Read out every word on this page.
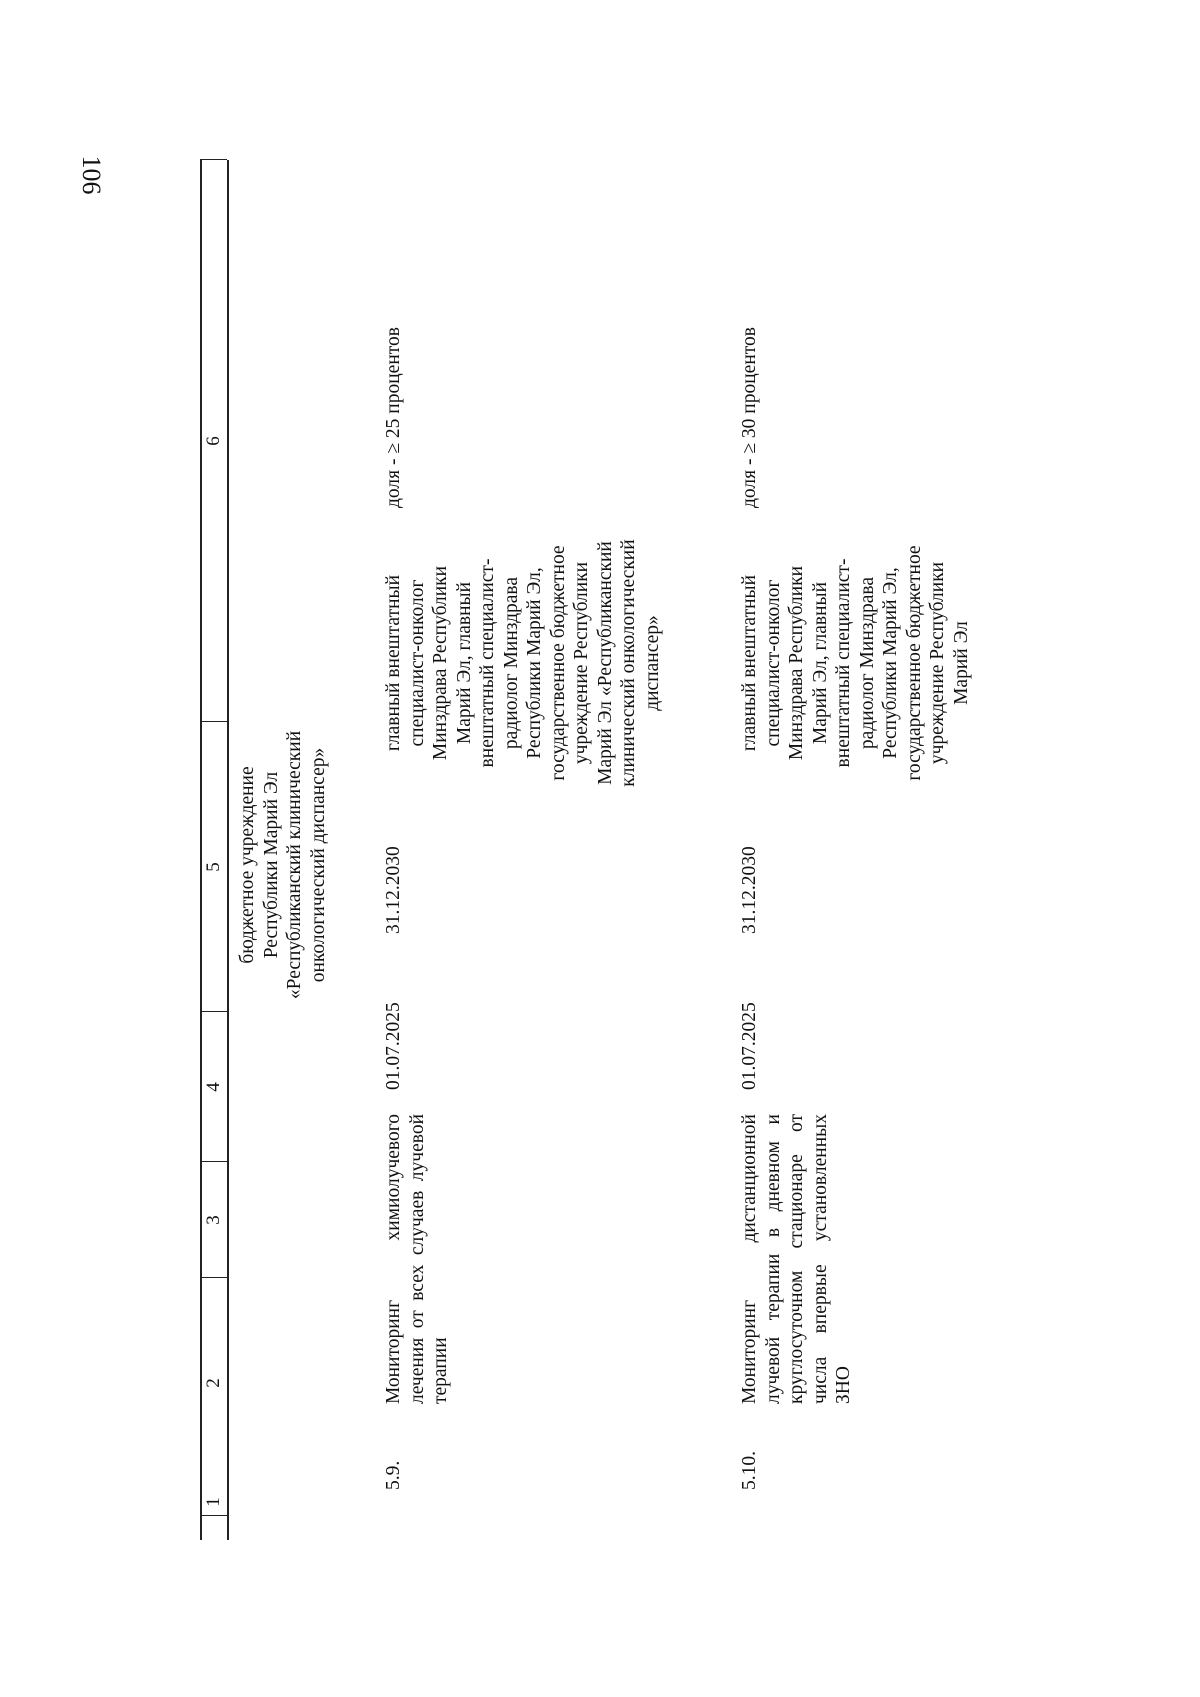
106
1
2
3
4
5
6
бюджетное учреждение Республики Марий Эл «Республиканский клинический онкологический диспансер»
5.9.
Мониторинг химиолучевого лечения от всех случаев лучевой терапии
01.07.2025
31.12.2030
главный внештатный специалист-онколог Минздрава Республики Марий Эл, главный внештатный специалист-радиолог Минздрава Республики Марий Эл, государственное бюджетное учреждение Республики Марий Эл «Республиканский клинический онкологический диспансер»
доля - ≥ 25 процентов
5.10.
Мониторинг дистанционной лучевой терапии в дневном и круглосуточном стационаре от числа впервые установленных ЗНО
01.07.2025
31.12.2030
главный внештатный специалист-онколог Минздрава Республики Марий Эл, главный внештатный специалист-радиолог Минздрава Республики Марий Эл, государственное бюджетное учреждение Республики Марий Эл
доля - ≥ 30 процентов
